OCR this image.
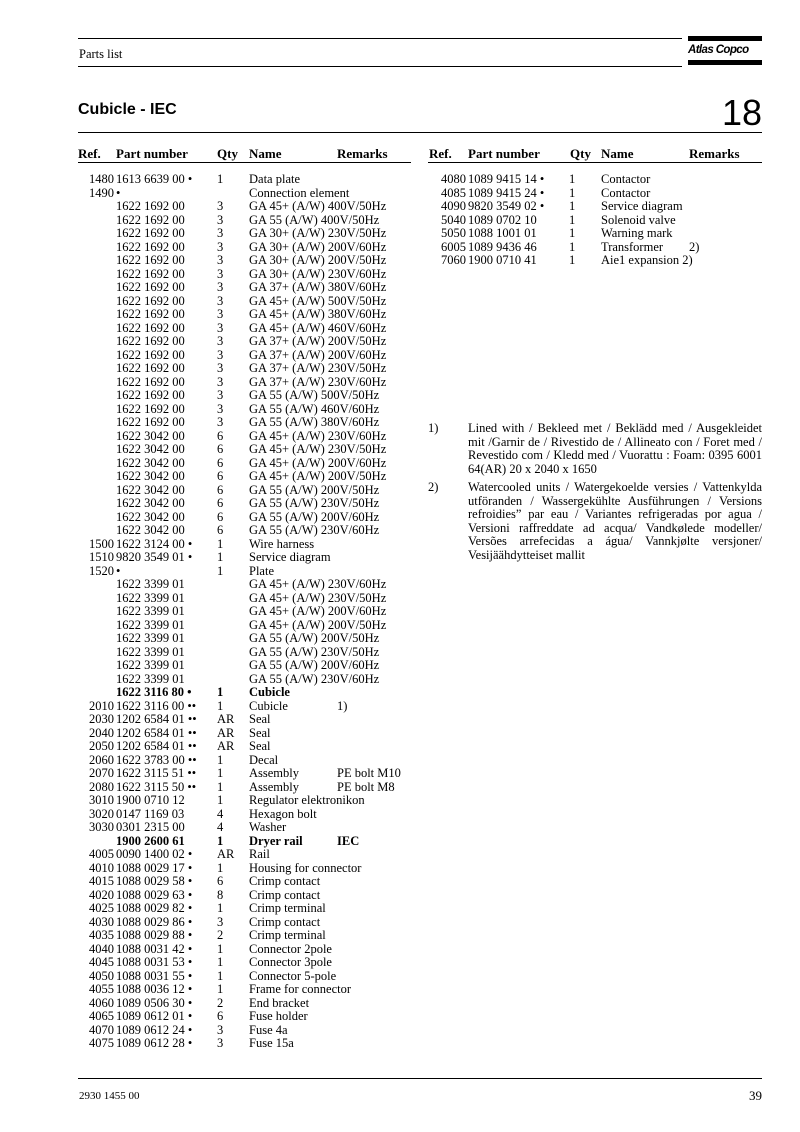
Parts list	Atlas Copco
Cubicle - IEC	18
Ref. Part number Qty Name	Remarks	Ref. Part number Qty Name	Remarks
1480 1613 6639 00 • 1 Data plate
1490 •	Connection element
1622 1692 00	3 GA 45+ (A/W) 400V/50Hz
1622 1692 00	3 GA 55 (A/W) 400V/50Hz
1622 1692 00	3 GA 30+ (A/W) 230V/50Hz
1622 1692 00	3 GA 30+ (A/W) 200V/60Hz
1622 1692 00	3 GA 30+ (A/W) 200V/50Hz
1622 1692 00	3 GA 30+ (A/W) 230V/60Hz
1622 1692 00	3 GA 37+ (A/W) 380V/60Hz
1622 1692 00	3 GA 45+ (A/W) 500V/50Hz
1622 1692 00	3 GA 45+ (A/W) 380V/60Hz
1622 1692 00	3 GA 45+ (A/W) 460V/60Hz
1622 1692 00	3 GA 37+ (A/W) 200V/50Hz
1622 1692 00	3 GA 37+ (A/W) 200V/60Hz
1622 1692 00	3 GA 37+ (A/W) 230V/50Hz
1622 1692 00	3 GA 37+ (A/W) 230V/60Hz
1622 1692 00	3 GA 55 (A/W) 500V/50Hz
1622 1692 00	3 GA 55 (A/W) 460V/60Hz
1622 1692 00	3 GA 55 (A/W) 380V/60Hz
1622 3042 00	6 GA 45+ (A/W) 230V/60Hz
1622 3042 00	6 GA 45+ (A/W) 230V/50Hz
1622 3042 00	6 GA 45+ (A/W) 200V/60Hz
1622 3042 00	6 GA 45+ (A/W) 200V/50Hz
1622 3042 00	6 GA 55 (A/W) 200V/50Hz
1622 3042 00	6 GA 55 (A/W) 230V/50Hz
1622 3042 00	6 GA 55 (A/W) 200V/60Hz
1622 3042 00	6 GA 55 (A/W) 230V/60Hz
1500 1622 3124 00 • 1 Wire harness
1510 9820 3549 01 • 1 Service diagram
1520 •	1 Plate
1622 3399 01	GA 45+ (A/W) 230V/60Hz
1622 3399 01	GA 45+ (A/W) 230V/50Hz
1622 3399 01	GA 45+ (A/W) 200V/60Hz
1622 3399 01	GA 45+ (A/W) 200V/50Hz
1622 3399 01	GA 55 (A/W) 200V/50Hz
1622 3399 01	GA 55 (A/W) 230V/50Hz
1622 3399 01	GA 55 (A/W) 200V/60Hz
1622 3399 01	GA 55 (A/W) 230V/60Hz
1622 3116 80 • 1 Cubicle
2010 1622 3116 00 •• 1 Cubicle	1)
2030 1202 6584 01 •• AR Seal
2040 1202 6584 01 •• AR Seal
2050 1202 6584 01 •• AR Seal
2060 1622 3783 00 •• 1 Decal
2070 1622 3115 51 •• 1 Assembly	PE bolt M10
2080 1622 3115 50 •• 1 Assembly	PE bolt M8
3010 1900 0710 12	1 Regulator elektronikon
3020 0147 1169 03	4 Hexagon bolt
3030 0301 2315 00	4 Washer
1900 2600 61	1 Dryer rail	IEC
4005 0090 1400 02 • AR Rail
4010 1088 0029 17 • 1 Housing for connector
4015 1088 0029 58 • 6 Crimp contact
4020 1088 0029 63 • 8 Crimp contact
4025 1088 0029 82 • 1 Crimp terminal
4030 1088 0029 86 • 3 Crimp contact
4035 1088 0029 88 • 2 Crimp terminal
4040 1088 0031 42 • 1 Connector 2pole
4045 1088 0031 53 • 1 Connector 3pole
4050 1088 0031 55 • 1 Connector 5-pole
4055 1088 0036 12 • 1 Frame for connector
4060 1089 0506 30 • 2 End bracket
4065 1089 0612 01 • 6 Fuse holder
4070 1089 0612 24 • 3 Fuse 4a
4075 1089 0612 28 • 3 Fuse 15a
4080 1089 9415 14 • 1 Contactor
4085 1089 9415 24 • 1 Contactor
4090 9820 3549 02 • 1 Service diagram
5040 1089 0702 10	1 Solenoid valve
5050 1088 1001 01	1 Warning mark
6005 1089 9436 46	1 Transformer 2)
7060 1900 0710 41	1 Aie1 expansion 2)
1) Lined with / Bekleed met / Beklädd med / Ausgekleidet mit /Garnir de / Rivestido de / Allineato con / Foret med / Revestido com / Kledd med / Vuorattu : Foam: 0395 6001 64(AR) 20 x 2040 x 1650
2) Watercooled units / Watergekoelde versies / Vattenkylda utföranden / Wassergekühlte Ausführungen / Versions refroidies” par eau / Variantes refrigeradas por agua / Versioni raffreddate ad acqua/ Vandkølede modeller/ Versões arrefecidas a água/ Vannkjølte versjoner/ Vesijäähdytteiset mallit
2930 1455 00	39
